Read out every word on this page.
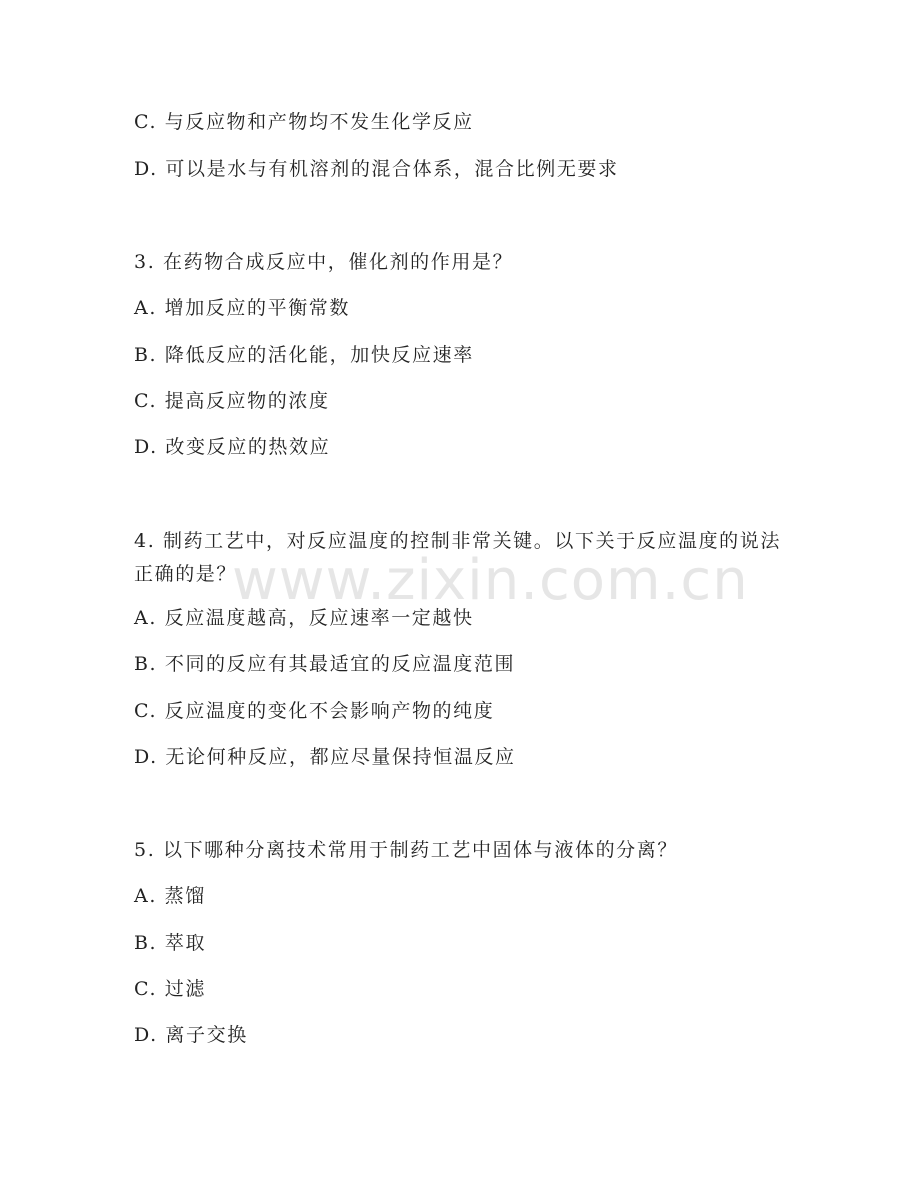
www.zixin.com.cn
C. 与反应物和产物均不发生化学反应
D. 可以是水与有机溶剂的混合体系，混合比例无要求
3. 在药物合成反应中，催化剂的作用是？
A. 增加反应的平衡常数
B. 降低反应的活化能，加快反应速率
C. 提高反应物的浓度
D. 改变反应的热效应
4. 制药工艺中，对反应温度的控制非常关键。以下关于反应温度的说法正确的是？
A. 反应温度越高，反应速率一定越快
B. 不同的反应有其最适宜的反应温度范围
C. 反应温度的变化不会影响产物的纯度
D. 无论何种反应，都应尽量保持恒温反应
5. 以下哪种分离技术常用于制药工艺中固体与液体的分离？
A. 蒸馏
B. 萃取
C. 过滤
D. 离子交换
